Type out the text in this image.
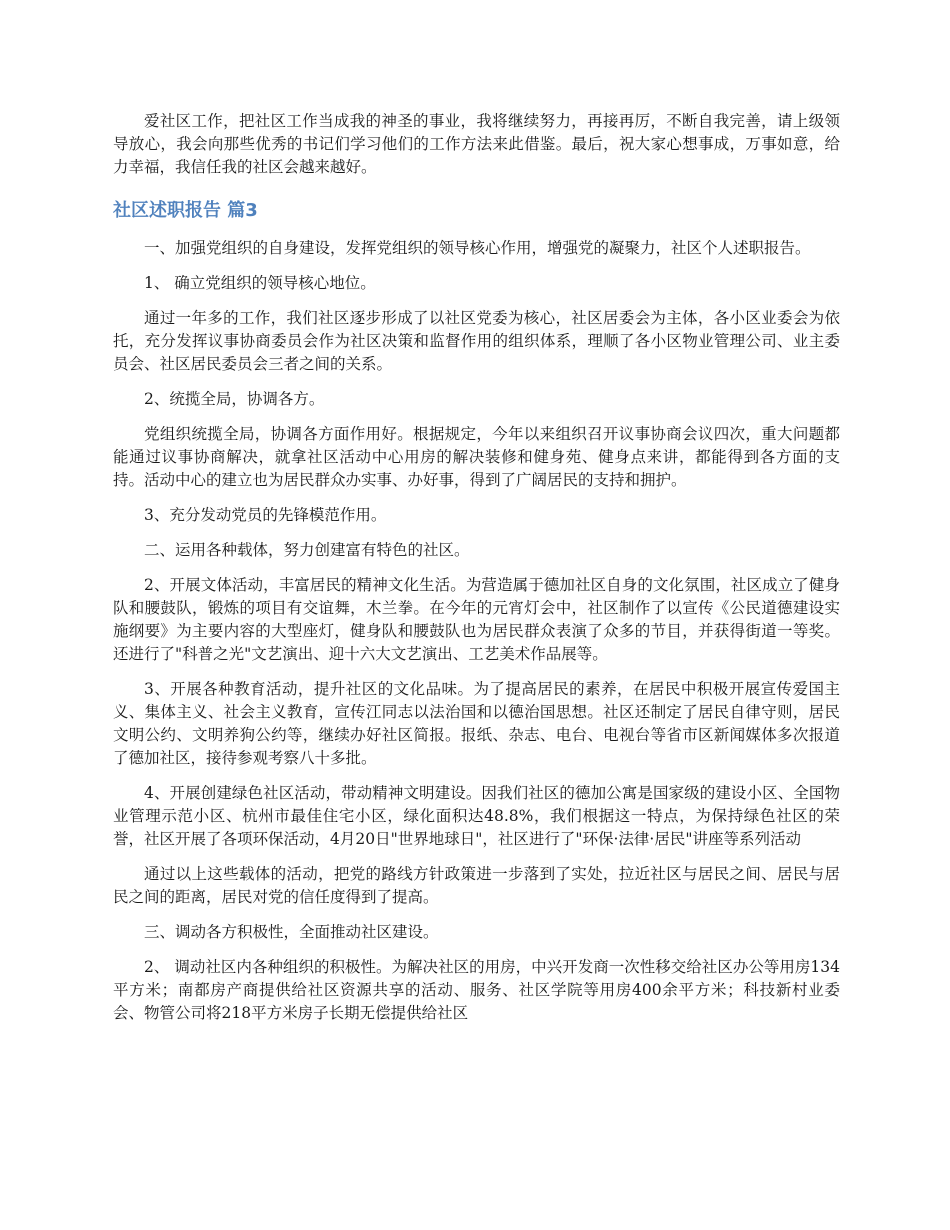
爱社区工作，把社区工作当成我的神圣的事业，我将继续努力，再接再厉，不断自我完善，请上级领导放心，我会向那些优秀的书记们学习他们的工作方法来此借鉴。最后，祝大家心想事成，万事如意，给力幸福，我信任我的社区会越来越好。

社区述职报告 篇3

一、加强党组织的自身建设，发挥党组织的领导核心作用，增强党的凝聚力，社区个人述职报告。

1、 确立党组织的领导核心地位。

通过一年多的工作，我们社区逐步形成了以社区党委为核心，社区居委会为主体，各小区业委会为依托，充分发挥议事协商委员会作为社区决策和监督作用的组织体系，理顺了各小区物业管理公司、业主委员会、社区居民委员会三者之间的关系。

2、统揽全局，协调各方。

党组织统揽全局，协调各方面作用好。根据规定，今年以来组织召开议事协商会议四次，重大问题都能通过议事协商解决，就拿社区活动中心用房的解决装修和健身苑、健身点来讲，都能得到各方面的支持。活动中心的建立也为居民群众办实事、办好事，得到了广阔居民的支持和拥护。

3、充分发动党员的先锋模范作用。

二、运用各种载体，努力创建富有特色的社区。

2、开展文体活动，丰富居民的精神文化生活。为营造属于德加社区自身的文化氛围，社区成立了健身队和腰鼓队，锻炼的项目有交谊舞，木兰拳。在今年的元宵灯会中，社区制作了以宣传《公民道德建设实施纲要》为主要内容的大型座灯，健身队和腰鼓队也为居民群众表演了众多的节目，并获得街道一等奖。还进行了"科普之光"文艺演出、迎十六大文艺演出、工艺美术作品展等。

3、开展各种教育活动，提升社区的文化品味。为了提高居民的素养，在居民中积极开展宣传爱国主义、集体主义、社会主义教育，宣传江同志以法治国和以德治国思想。社区还制定了居民自律守则，居民文明公约、文明养狗公约等，继续办好社区简报。报纸、杂志、电台、电视台等省市区新闻媒体多次报道了德加社区，接待参观考察八十多批。

4、开展创建绿色社区活动，带动精神文明建设。因我们社区的德加公寓是国家级的建设小区、全国物业管理示范小区、杭州市最佳住宅小区，绿化面积达48.8%，我们根据这一特点，为保持绿色社区的荣誉，社区开展了各项环保活动，4月20日"世界地球日"，社区进行了"环保·法律·居民"讲座等系列活动

通过以上这些载体的活动，把党的路线方针政策进一步落到了实处，拉近社区与居民之间、居民与居民之间的距离，居民对党的信任度得到了提高。

三、调动各方积极性，全面推动社区建设。

2、 调动社区内各种组织的积极性。为解决社区的用房，中兴开发商一次性移交给社区办公等用房134平方米；南都房产商提供给社区资源共享的活动、服务、社区学院等用房400余平方米；科技新村业委会、物管公司将218平方米房子长期无偿提供给社区
